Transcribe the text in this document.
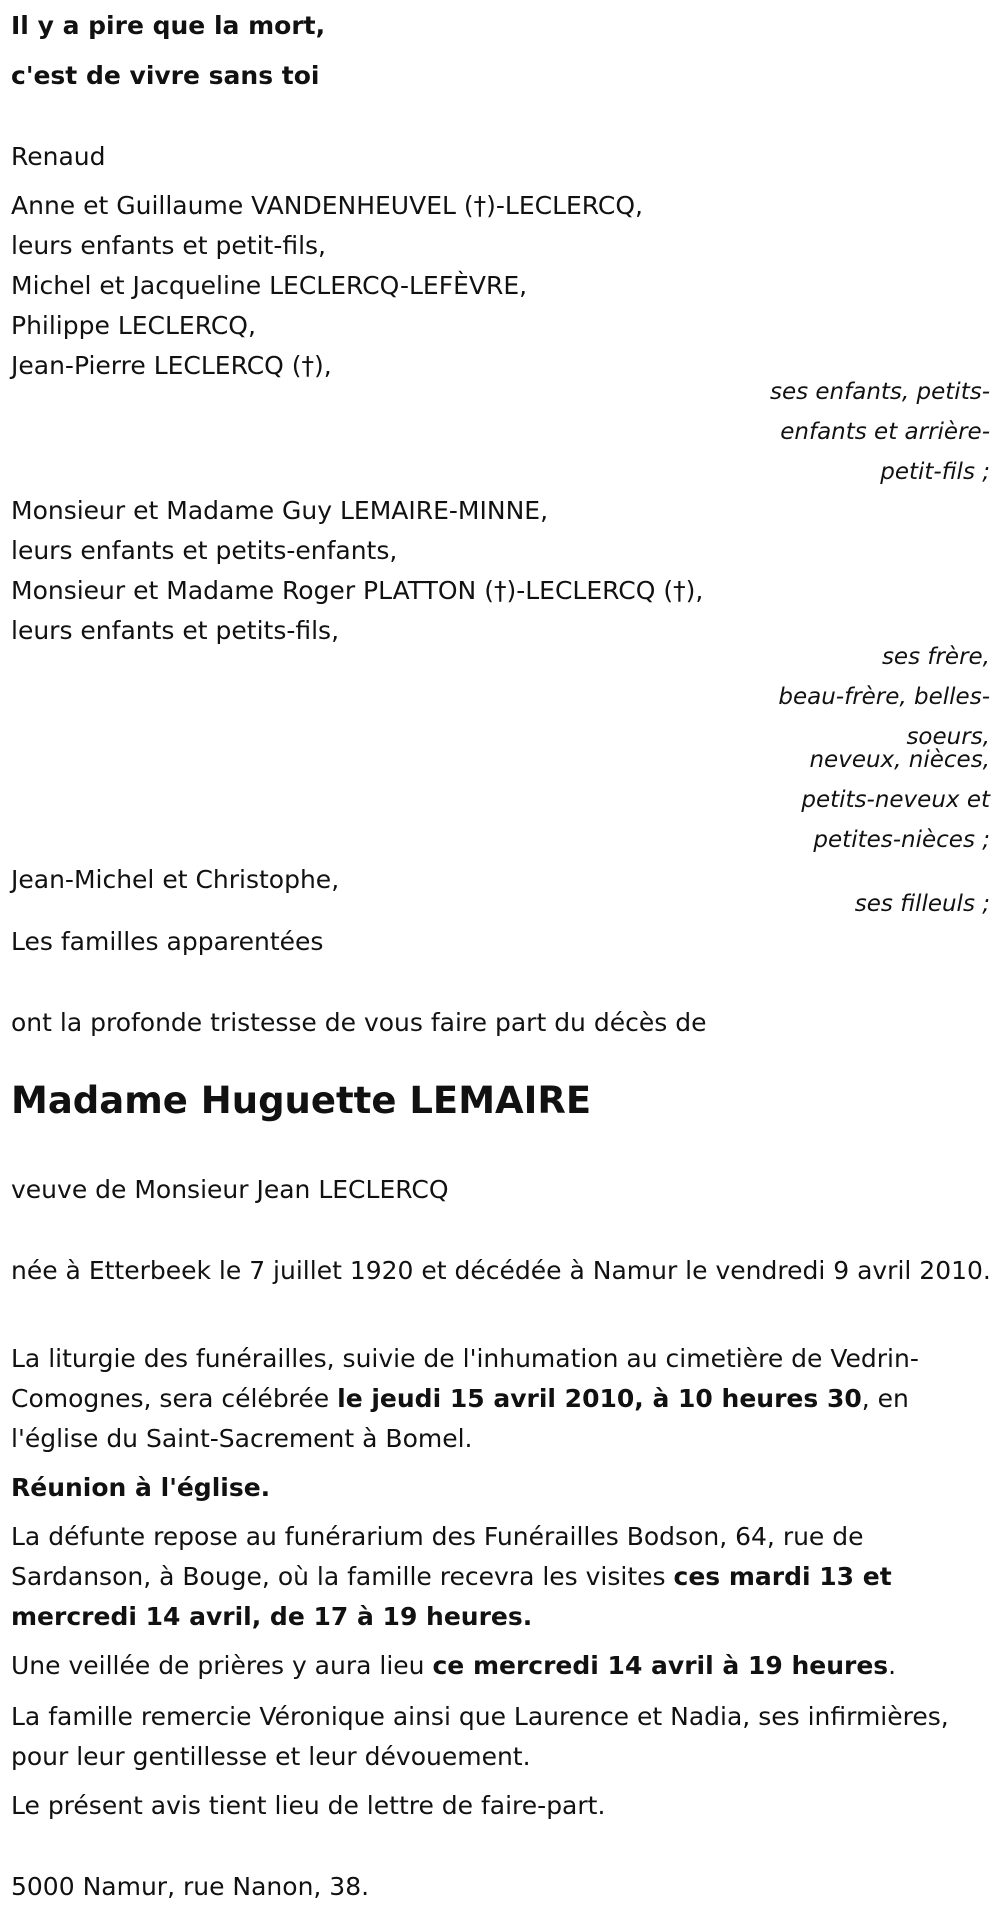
Il y a pire que la mort,

c'est de vivre sans toi

Renaud

Anne et Guillaume VANDENHEUVEL (†)-LECLERCQ,

leurs enfants et petit-fils,

Michel et Jacqueline LECLERCQ-LEFÈVRE,

Philippe LECLERCQ,

Jean-Pierre LECLERCQ (†),

ses enfants, petits-

enfants et arrière-

petit-fils ;

Monsieur et Madame Guy LEMAIRE-MINNE,

leurs enfants et petits-enfants,

Monsieur et Madame Roger PLATTON (†)-LECLERCQ (†),

leurs enfants et petits-fils,

ses frère,

beau-frère, belles-

soeurs,

neveux, nièces,

petits-neveux et

petites-nièces ;

Jean-Michel et Christophe,

ses filleuls ;

Les familles apparentées

ont la profonde tristesse de vous faire part du décès de

Madame Huguette LEMAIRE

veuve de Monsieur Jean LECLERCQ

née à Etterbeek le 7 juillet 1920 et décédée à Namur le vendredi 9 avril 2010.

La liturgie des funérailles, suivie de l'inhumation au cimetière de Vedrin-Comognes, sera célébrée le jeudi 15 avril 2010, à 10 heures 30, en l'église du Saint-Sacrement à Bomel.

Réunion à l'église.

La défunte repose au funérarium des Funérailles Bodson, 64, rue de Sardanson, à Bouge, où la famille recevra les visites ces mardi 13 et mercredi 14 avril, de 17 à 19 heures.

Une veillée de prières y aura lieu ce mercredi 14 avril à 19 heures.

La famille remercie Véronique ainsi que Laurence et Nadia, ses infirmières, pour leur gentillesse et leur dévouement.

Le présent avis tient lieu de lettre de faire-part.

5000 Namur, rue Nanon, 38.
